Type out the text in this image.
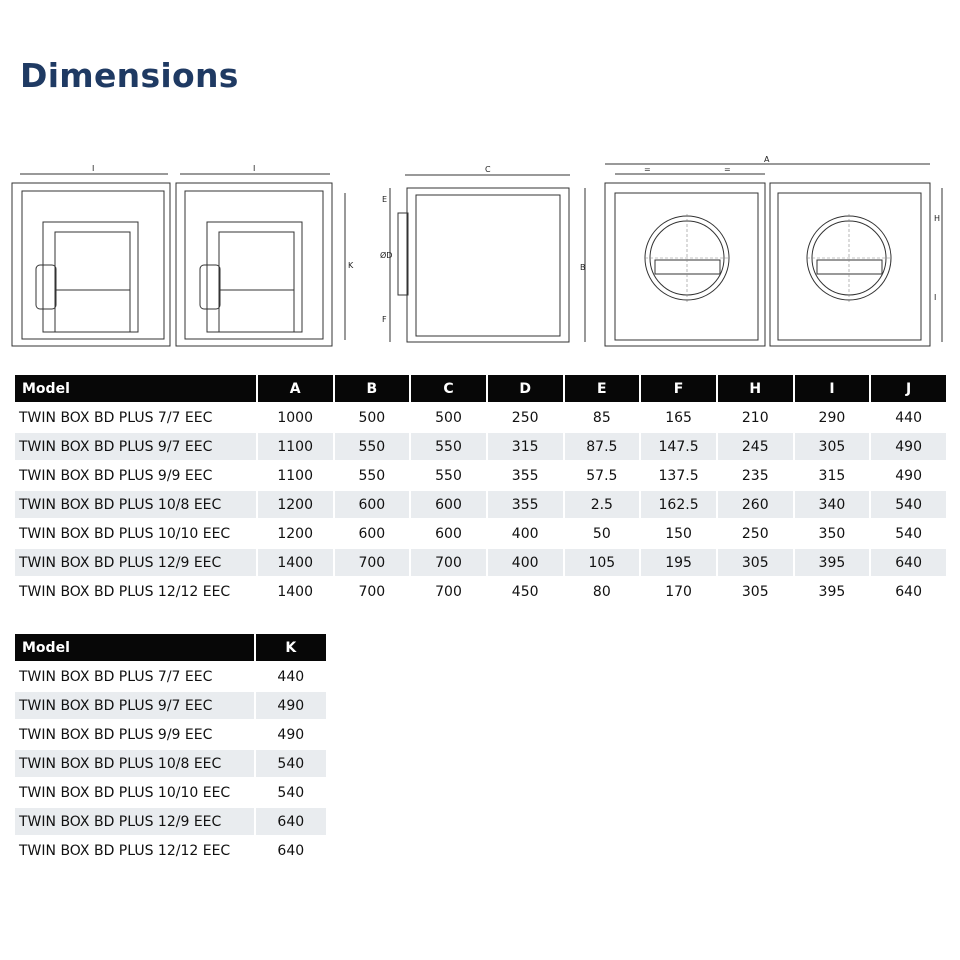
Dimensions
I	I
K
C
B
E
ØD
F
A
=	=
H
I
Model	A	B	C	D	E	F	H	I	J
TWIN BOX BD PLUS 7/7 EEC	1000	500	500	250	85	165	210	290	440
TWIN BOX BD PLUS 9/7 EEC	1100	550	550	315	87.5	147.5	245	305	490
TWIN BOX BD PLUS 9/9 EEC	1100	550	550	355	57.5	137.5	235	315	490
TWIN BOX BD PLUS 10/8 EEC	1200	600	600	355	2.5	162.5	260	340	540
TWIN BOX BD PLUS 10/10 EEC	1200	600	600	400	50	150	250	350	540
TWIN BOX BD PLUS 12/9 EEC	1400	700	700	400	105	195	305	395	640
TWIN BOX BD PLUS 12/12 EEC	1400	700	700	450	80	170	305	395	640
Model	K
TWIN BOX BD PLUS 7/7 EEC	440
TWIN BOX BD PLUS 9/7 EEC	490
TWIN BOX BD PLUS 9/9 EEC	490
TWIN BOX BD PLUS 10/8 EEC	540
TWIN BOX BD PLUS 10/10 EEC	540
TWIN BOX BD PLUS 12/9 EEC	640
TWIN BOX BD PLUS 12/12 EEC	640
